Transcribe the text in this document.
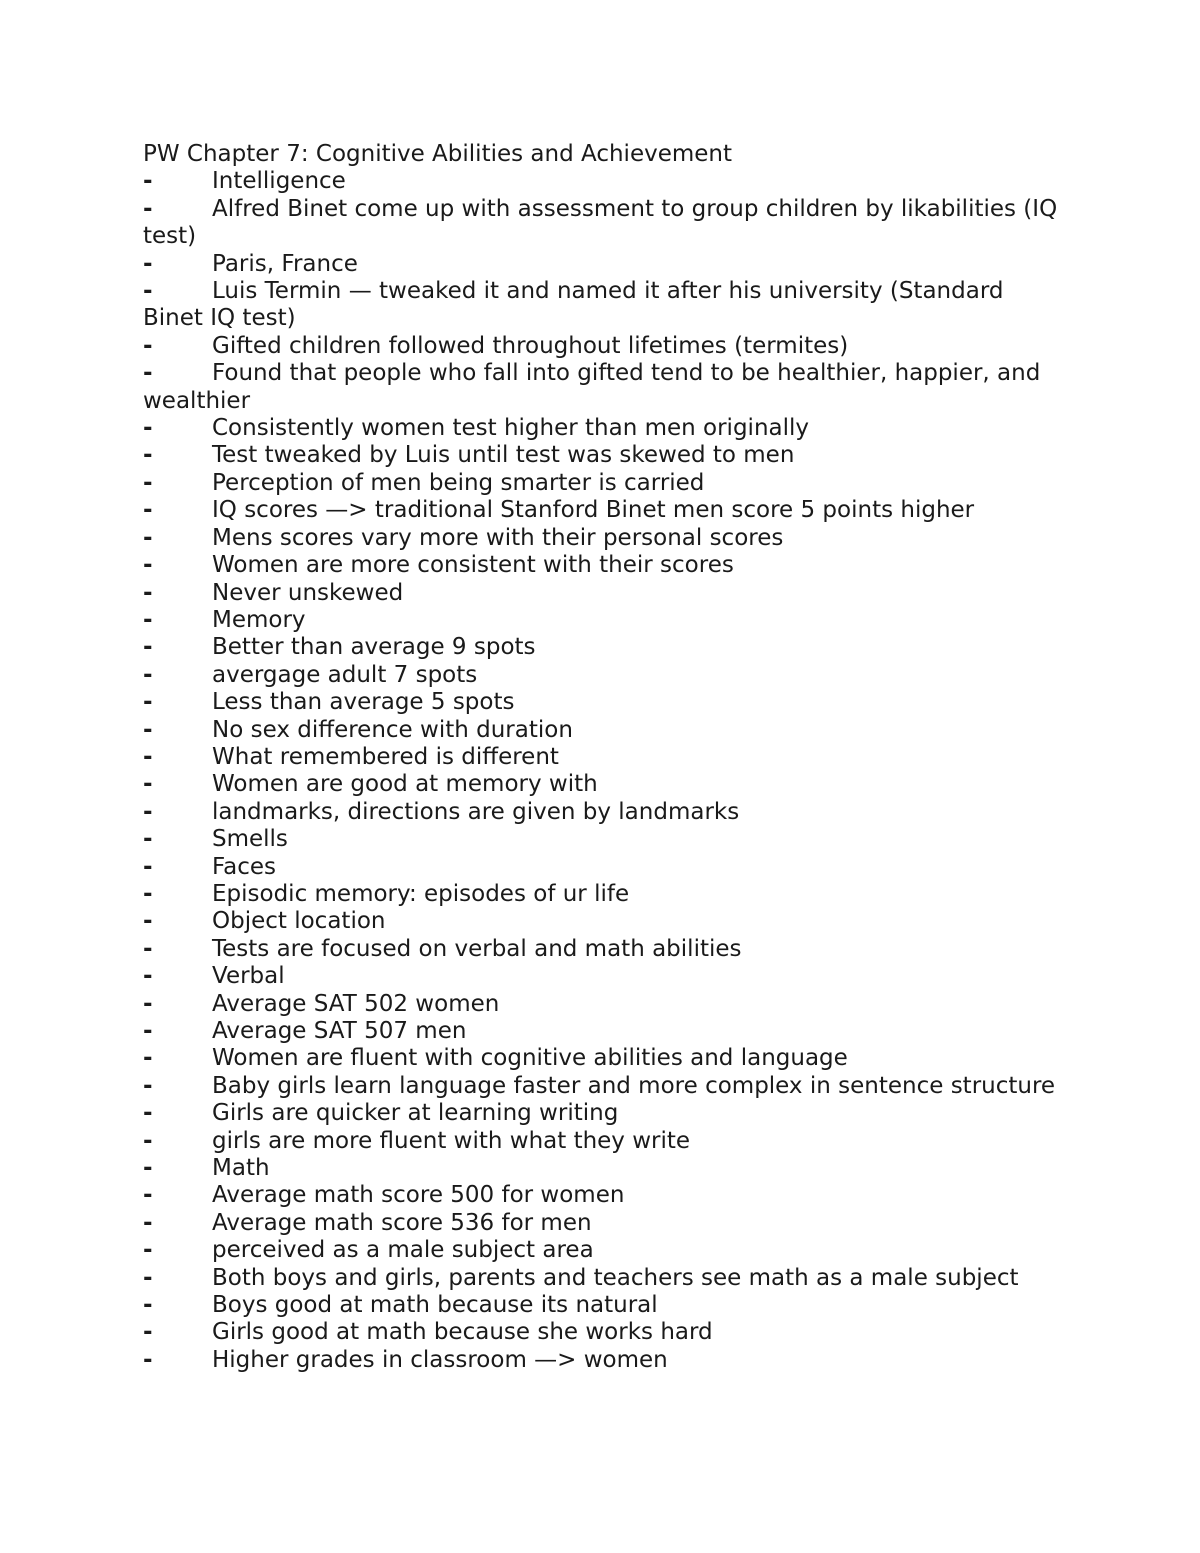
PW Chapter 7: Cognitive Abilities and Achievement
-	Intelligence
-	Alfred Binet come up with assessment to group children by likabilities (IQ test)
-	Paris, France
-	Luis Termin — tweaked it and named it after his university (Standard Binet IQ test)
-	Gifted children followed throughout lifetimes (termites)
-	Found that people who fall into gifted tend to be healthier, happier, and wealthier
-	Consistently women test higher than men originally
-	Test tweaked by Luis until test was skewed to men
-	Perception of men being smarter is carried
-	IQ scores —> traditional Stanford Binet men score 5 points higher
-	Mens scores vary more with their personal scores
-	Women are more consistent with their scores
-	Never unskewed
-	Memory
-	Better than average 9 spots
-	avergage adult 7 spots
-	Less than average 5 spots
-	No sex difference with duration
-	What remembered is different
-	Women are good at memory with
-	landmarks, directions are given by landmarks
-	Smells
-	Faces
-	Episodic memory: episodes of ur life
-	Object location
-	Tests are focused on verbal and math abilities
-	Verbal
-	Average SAT 502 women
-	Average SAT 507 men
-	Women are fluent with cognitive abilities and language
-	Baby girls learn language faster and more complex in sentence structure
-	Girls are quicker at learning writing
-	girls are more fluent with what they write
-	Math
-	Average math score 500 for women
-	Average math score 536 for men
-	perceived as a male subject area
-	Both boys and girls, parents and teachers see math as a male subject
-	Boys good at math because its natural
-	Girls good at math because she works hard
-	Higher grades in classroom —> women
